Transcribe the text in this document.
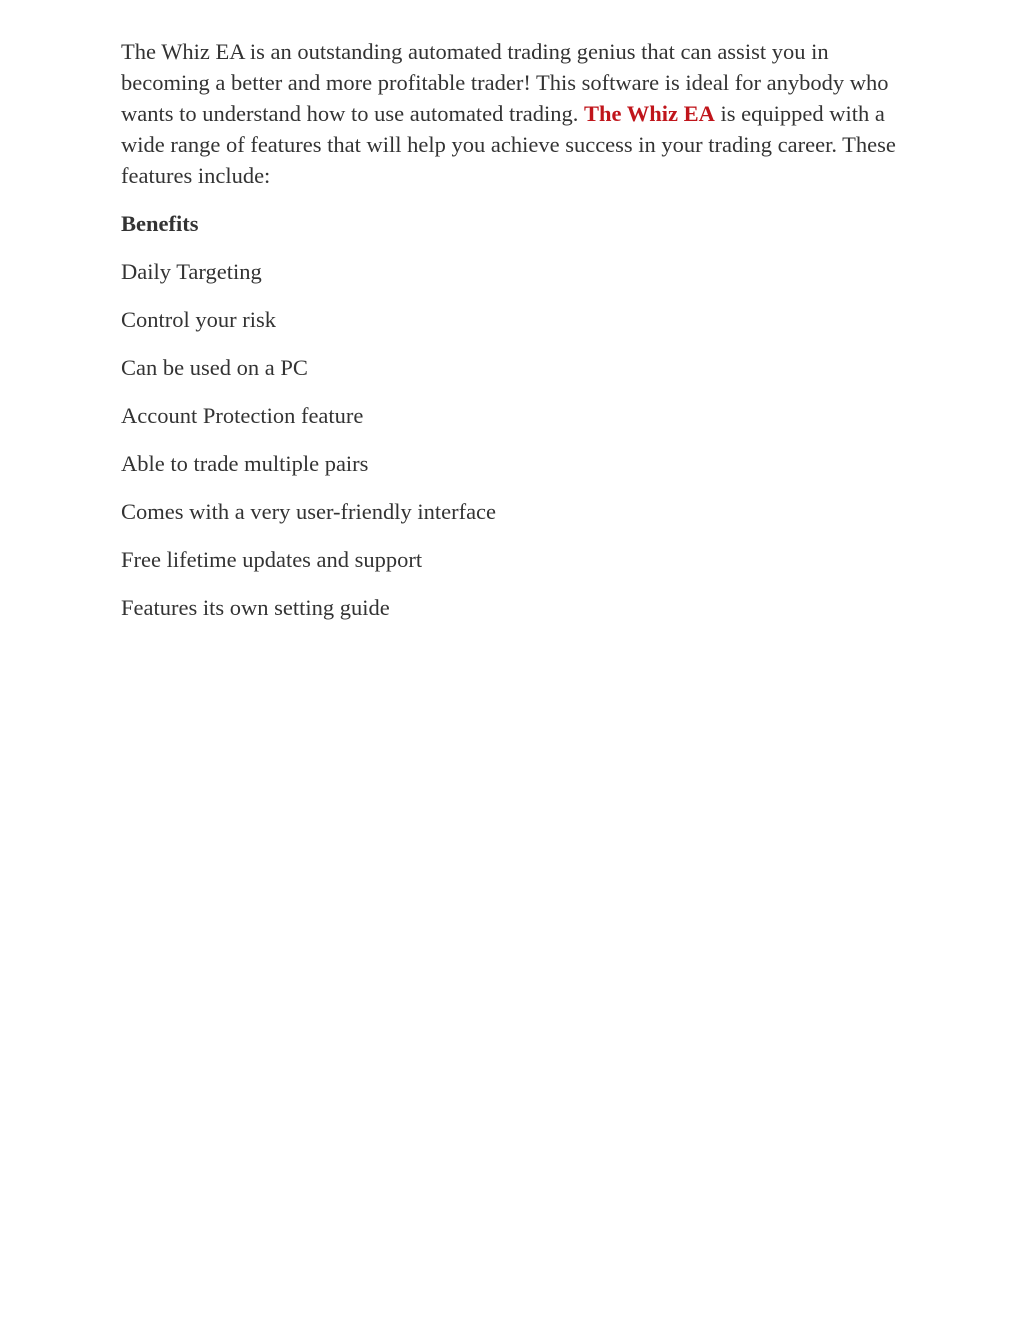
The Whiz EA is an outstanding automated trading genius that can assist you in becoming a better and more profitable trader! This software is ideal for anybody who wants to understand how to use automated trading. The Whiz EA is equipped with a wide range of features that will help you achieve success in your trading career. These features include:

Benefits
Daily Targeting
Control your risk
Can be used on a PC
Account Protection feature
Able to trade multiple pairs
Comes with a very user-friendly interface
Free lifetime updates and support
Features its own setting guide
